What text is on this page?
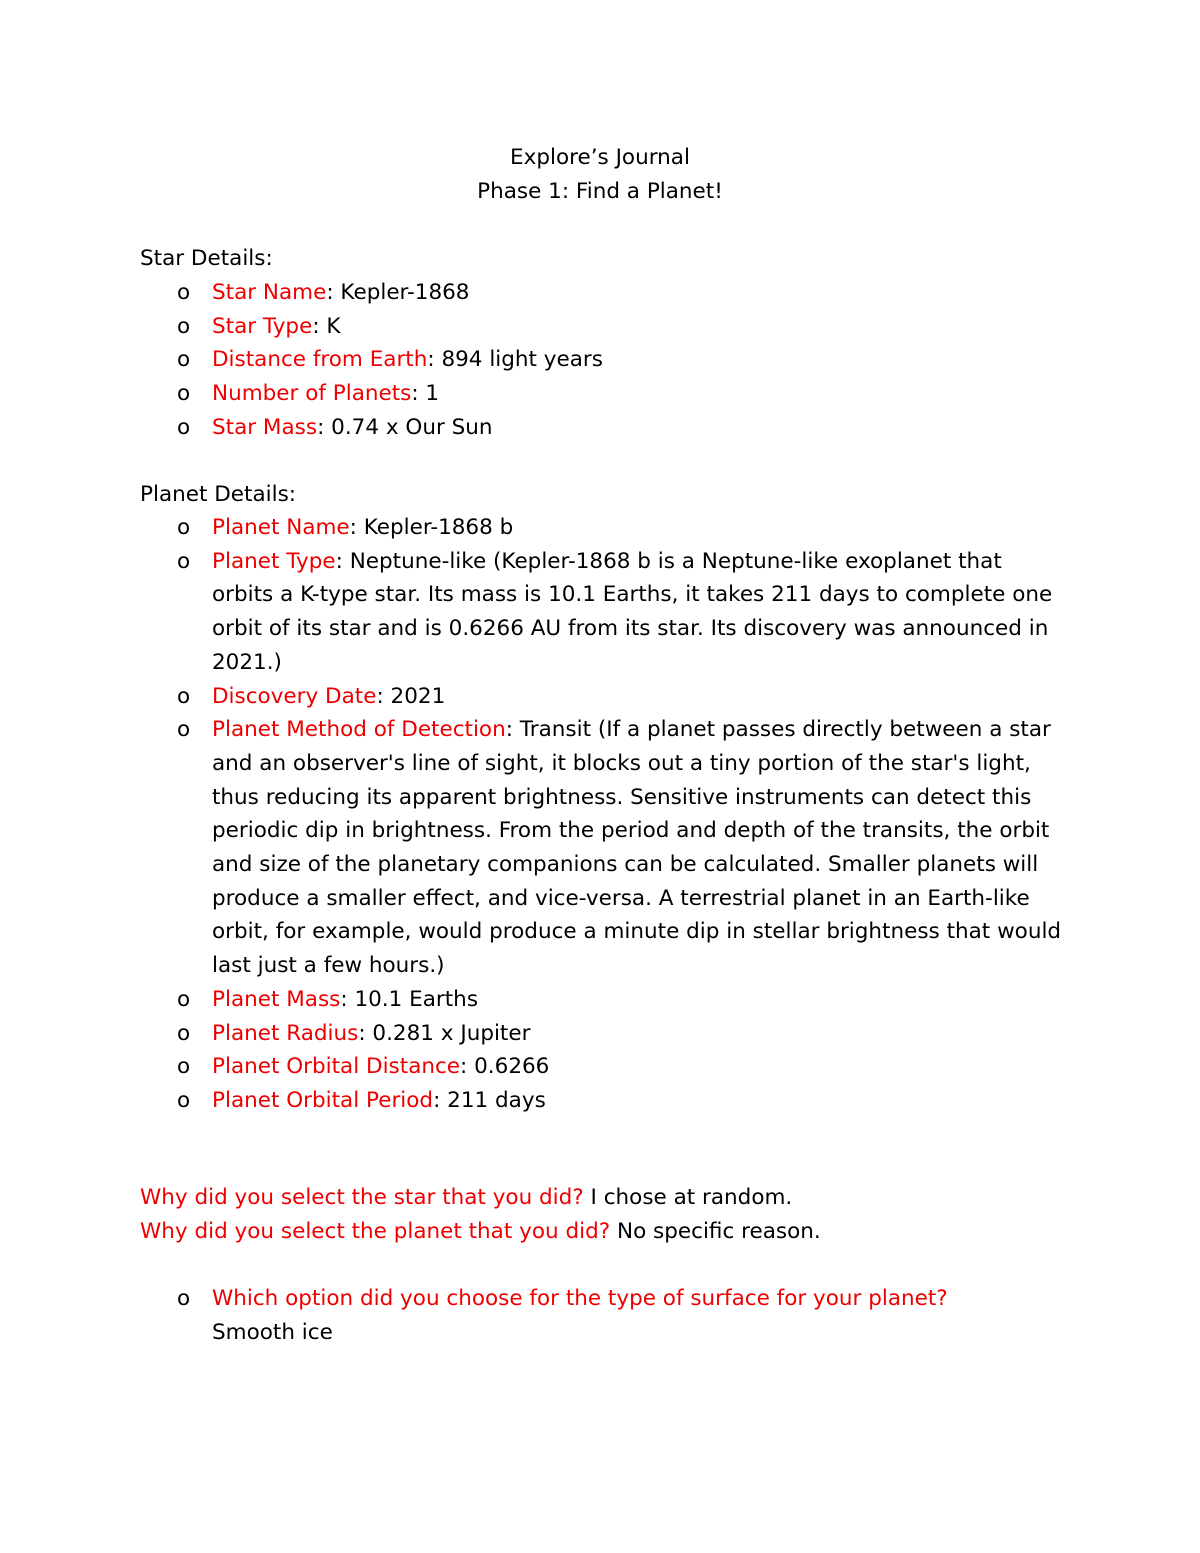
Explore’s Journal
Phase 1: Find a Planet!
Star Details:
o Star Name: Kepler-1868
o Star Type: K
o Distance from Earth: 894 light years
o Number of Planets: 1
o Star Mass: 0.74 x Our Sun
Planet Details:
o Planet Name: Kepler-1868 b
o Planet Type: Neptune-like (Kepler-1868 b is a Neptune-like exoplanet that orbits a K-type star. Its mass is 10.1 Earths, it takes 211 days to complete one orbit of its star and is 0.6266 AU from its star. Its discovery was announced in 2021.)
o Discovery Date: 2021
o Planet Method of Detection: Transit (If a planet passes directly between a star and an observer's line of sight, it blocks out a tiny portion of the star's light, thus reducing its apparent brightness. Sensitive instruments can detect this periodic dip in brightness. From the period and depth of the transits, the orbit and size of the planetary companions can be calculated. Smaller planets will produce a smaller effect, and vice-versa. A terrestrial planet in an Earth-like orbit, for example, would produce a minute dip in stellar brightness that would last just a few hours.)
o Planet Mass: 10.1 Earths
o Planet Radius: 0.281 x Jupiter
o Planet Orbital Distance: 0.6266
o Planet Orbital Period: 211 days
Why did you select the star that you did? I chose at random.
Why did you select the planet that you did? No specific reason.
o Which option did you choose for the type of surface for your planet?
Smooth ice
